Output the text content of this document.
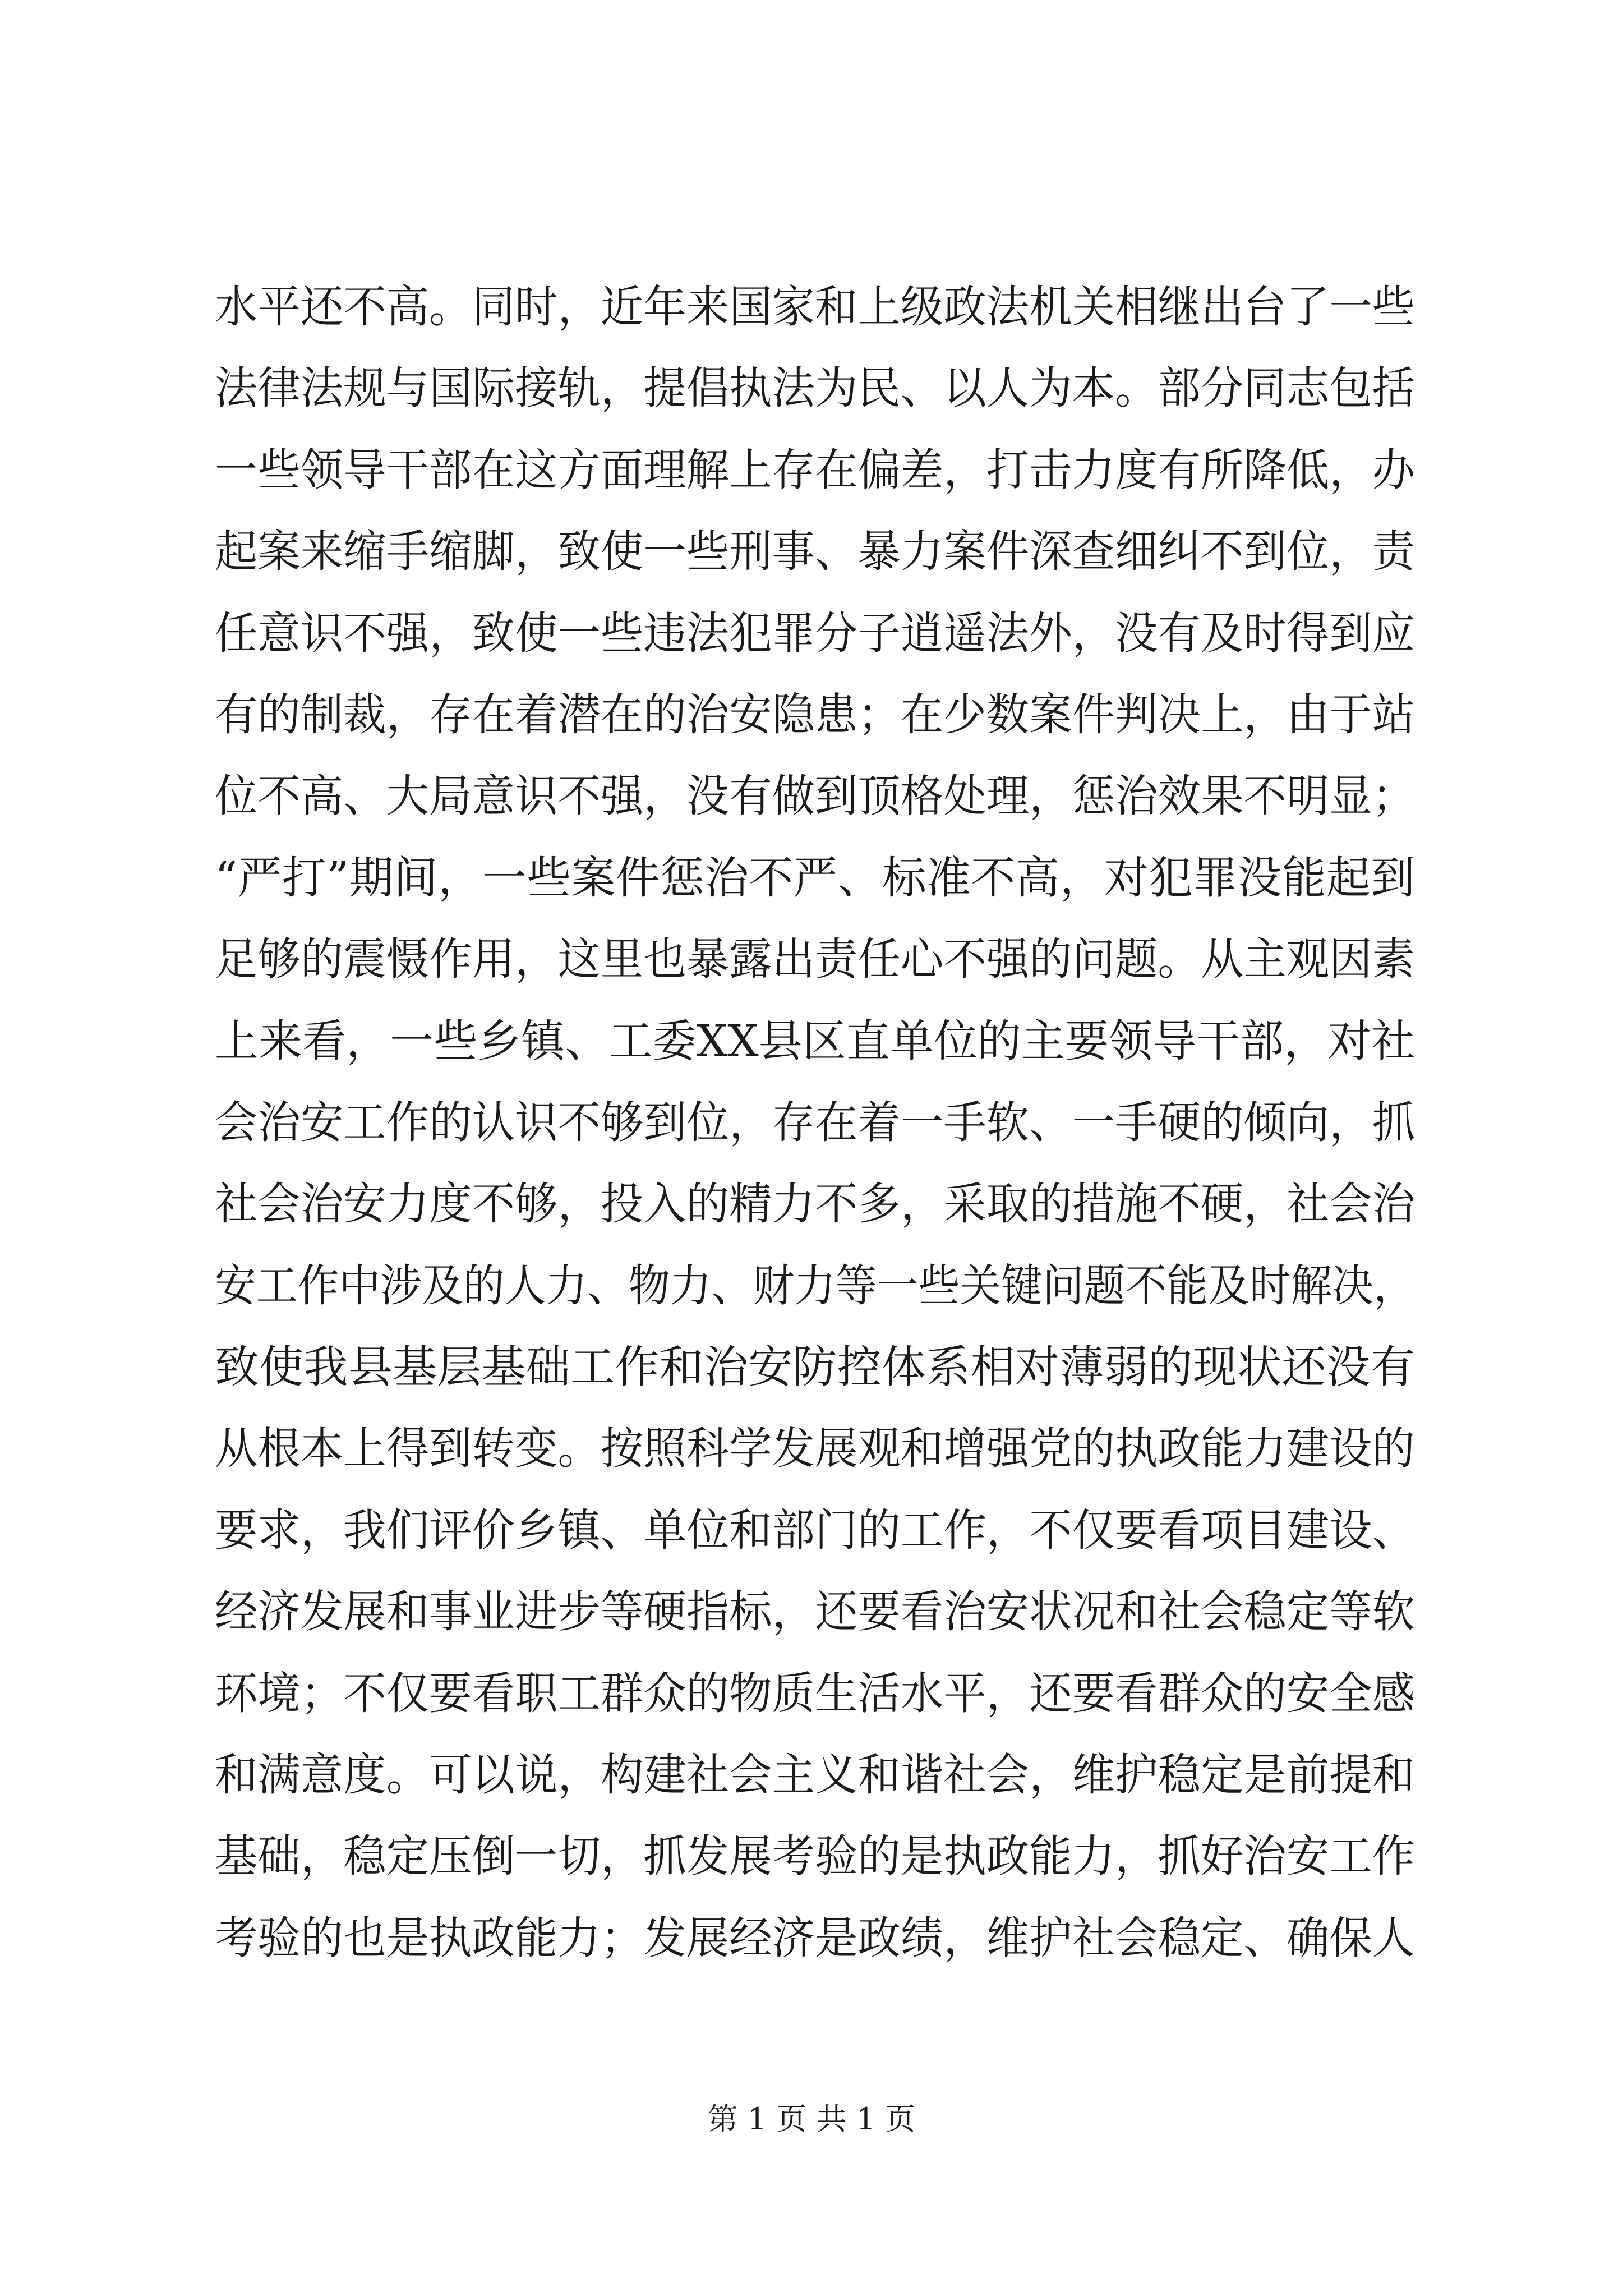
水平还不高。同时，近年来国家和上级政法机关相继出台了一些
法律法规与国际接轨，提倡执法为民、以人为本。部分同志包括
一些领导干部在这方面理解上存在偏差，打击力度有所降低，办
起案来缩手缩脚，致使一些刑事、暴力案件深查细纠不到位，责
任意识不强，致使一些违法犯罪分子逍遥法外，没有及时得到应
有的制裁，存在着潜在的治安隐患；在少数案件判决上，由于站
位不高、大局意识不强，没有做到顶格处理，惩治效果不明显；
“严打”期间，一些案件惩治不严、标准不高，对犯罪没能起到
足够的震慑作用，这里也暴露出责任心不强的问题。从主观因素
上来看，一些乡镇、工委XX县区直单位的主要领导干部，对社
会治安工作的认识不够到位，存在着一手软、一手硬的倾向，抓
社会治安力度不够，投入的精力不多，采取的措施不硬，社会治
安工作中涉及的人力、物力、财力等一些关键问题不能及时解决，
致使我县基层基础工作和治安防控体系相对薄弱的现状还没有
从根本上得到转变。按照科学发展观和增强党的执政能力建设的
要求，我们评价乡镇、单位和部门的工作，不仅要看项目建设、
经济发展和事业进步等硬指标，还要看治安状况和社会稳定等软
环境；不仅要看职工群众的物质生活水平，还要看群众的安全感
和满意度。可以说，构建社会主义和谐社会，维护稳定是前提和
基础，稳定压倒一切，抓发展考验的是执政能力，抓好治安工作
考验的也是执政能力；发展经济是政绩，维护社会稳定、确保人
第 1 页 共 1 页
